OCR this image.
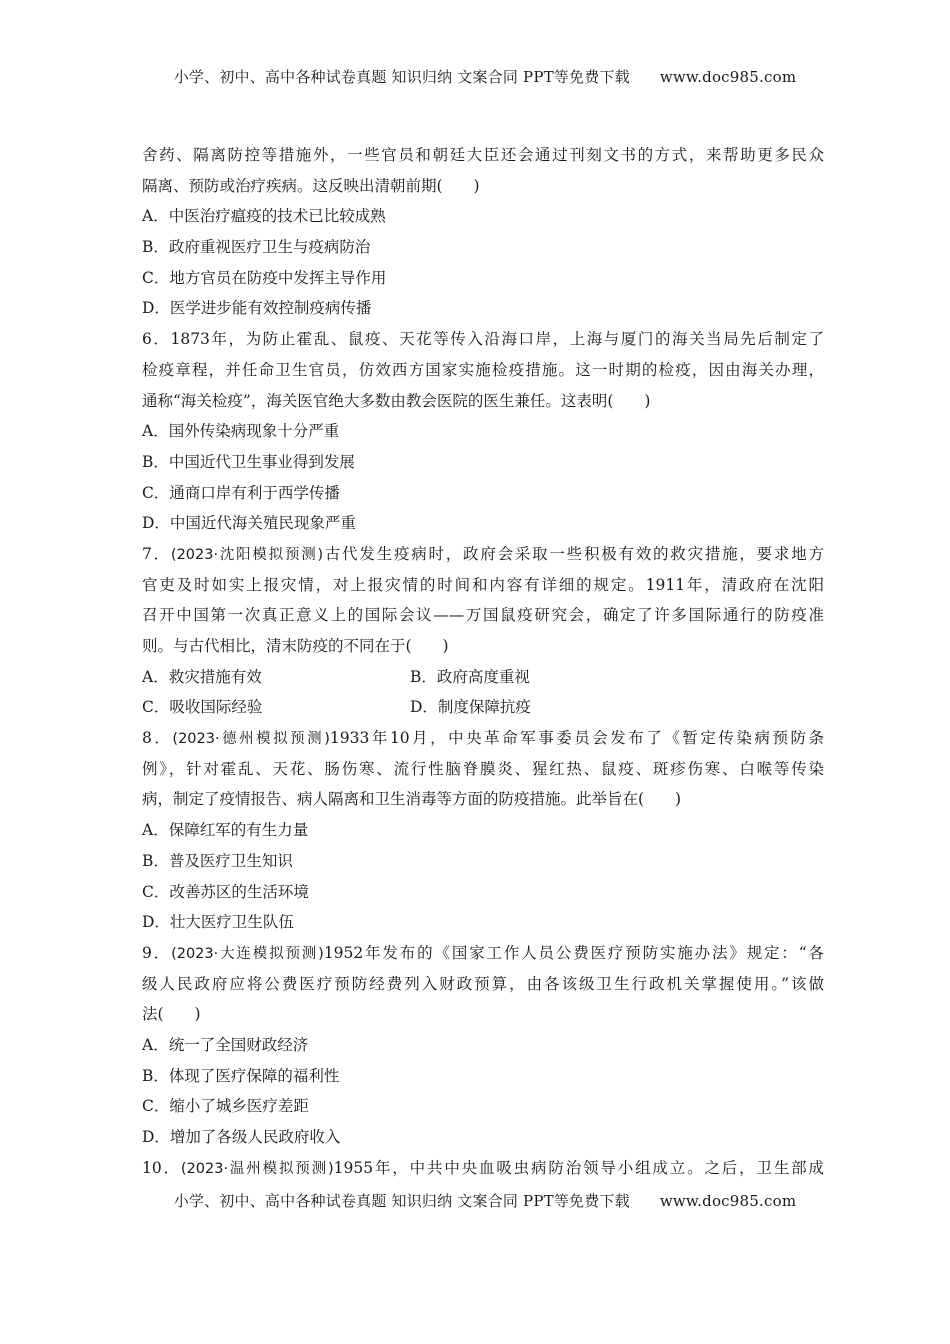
小学、初中、高中各种试卷真题 知识归纳 文案合同 PPT等免费下载 www.doc985.com
舍药、隔离防控等措施外，一些官员和朝廷大臣还会通过刊刻文书的方式，来帮助更多民众
隔离、预防或治疗疾病。这反映出清朝前期(　　)
A．中医治疗瘟疫的技术已比较成熟
B．政府重视医疗卫生与疫病防治
C．地方官员在防疫中发挥主导作用
D．医学进步能有效控制疫病传播
6．1873年，为防止霍乱、鼠疫、天花等传入沿海口岸，上海与厦门的海关当局先后制定了
检疫章程，并任命卫生官员，仿效西方国家实施检疫措施。这一时期的检疫，因由海关办理，
通称“海关检疫”，海关医官绝大多数由教会医院的医生兼任。这表明(　　)
A．国外传染病现象十分严重
B．中国近代卫生事业得到发展
C．通商口岸有利于西学传播
D．中国近代海关殖民现象严重
7．(2023·沈阳模拟预测)古代发生疫病时，政府会采取一些积极有效的救灾措施，要求地方
官吏及时如实上报灾情，对上报灾情的时间和内容有详细的规定。1911年，清政府在沈阳
召开中国第一次真正意义上的国际会议——万国鼠疫研究会，确定了许多国际通行的防疫准
则。与古代相比，清末防疫的不同在于(　　)
A．救灾措施有效	B．政府高度重视
C．吸收国际经验	D．制度保障抗疫
8．(2023·德州模拟预测)1933年10月，中央革命军事委员会发布了《暂定传染病预防条
例》，针对霍乱、天花、肠伤寒、流行性脑脊膜炎、猩红热、鼠疫、斑疹伤寒、白喉等传染
病，制定了疫情报告、病人隔离和卫生消毒等方面的防疫措施。此举旨在(　　)
A．保障红军的有生力量
B．普及医疗卫生知识
C．改善苏区的生活环境
D．壮大医疗卫生队伍
9．(2023·大连模拟预测)1952年发布的《国家工作人员公费医疗预防实施办法》规定：“各
级人民政府应将公费医疗预防经费列入财政预算，由各该级卫生行政机关掌握使用。”该做
法(　　)
A．统一了全国财政经济
B．体现了医疗保障的福利性
C．缩小了城乡医疗差距
D．增加了各级人民政府收入
10．(2023·温州模拟预测)1955年，中共中央血吸虫病防治领导小组成立。之后，卫生部成
小学、初中、高中各种试卷真题 知识归纳 文案合同 PPT等免费下载 www.doc985.com
